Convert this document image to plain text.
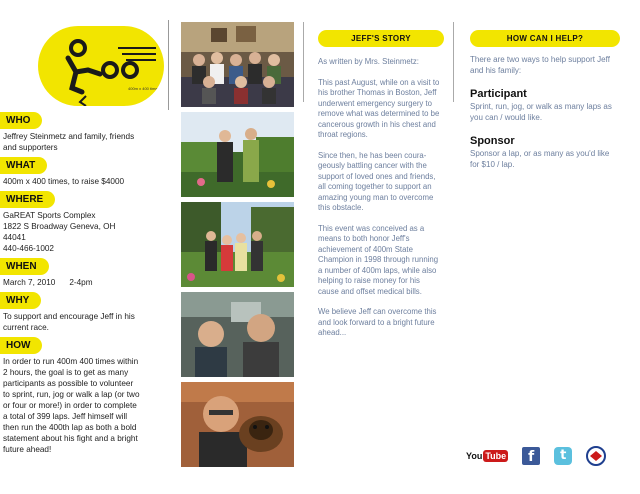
400m x 400 times
WHO
Jeffrey Steinmetz and family, friends
and supporters
WHAT
400m x 400 times, to raise $4000
WHERE
GaREAT Sports Complex
1822 S Broadway Geneva, OH
44041
440-466-1002
WHEN
March 7, 2010 2-4pm
WHY
To support and encourage Jeff in his
current race.
HOW
In order to run 400m 400 times within
2 hours, the goal is to get as many
participants as possible to volunteer
to sprint, run, jog or walk a lap (or two
or four or more!) in order to complete
a total of 399 laps. Jeff himself will
then run the 400th lap as both a bold
statement about his fight and a bright
future ahead!
JEFF'S STORY
As written by Mrs. Steinmetz:
This past August, while on a visit to
his brother Thomas in Boston, Jeff
underwent emergency surgery to
remove what was determined to be
cancerous growth in his chest and
throat regions.
Since then, he has been coura-
geously battling cancer with the
support of loved ones and friends,
all coming together to support an
amazing young man to overcome
this obstacle.
This event was conceived as a
means to both honor Jeff's
achievement of 400m State
Champion in 1998 through running
a number of 400m laps, while also
helping to raise money for his
cause and offset medical bills.
We believe Jeff can overcome this
and look forward to a bright future
ahead...
HOW CAN I HELP?
There are two ways to help support Jeff and his family:
Participant
Sprint, run, jog, or walk as many laps as you can / would like.
Sponsor
Sponsor a lap, or as many as you'd like for $10 / lap.
You Tube	f	t
